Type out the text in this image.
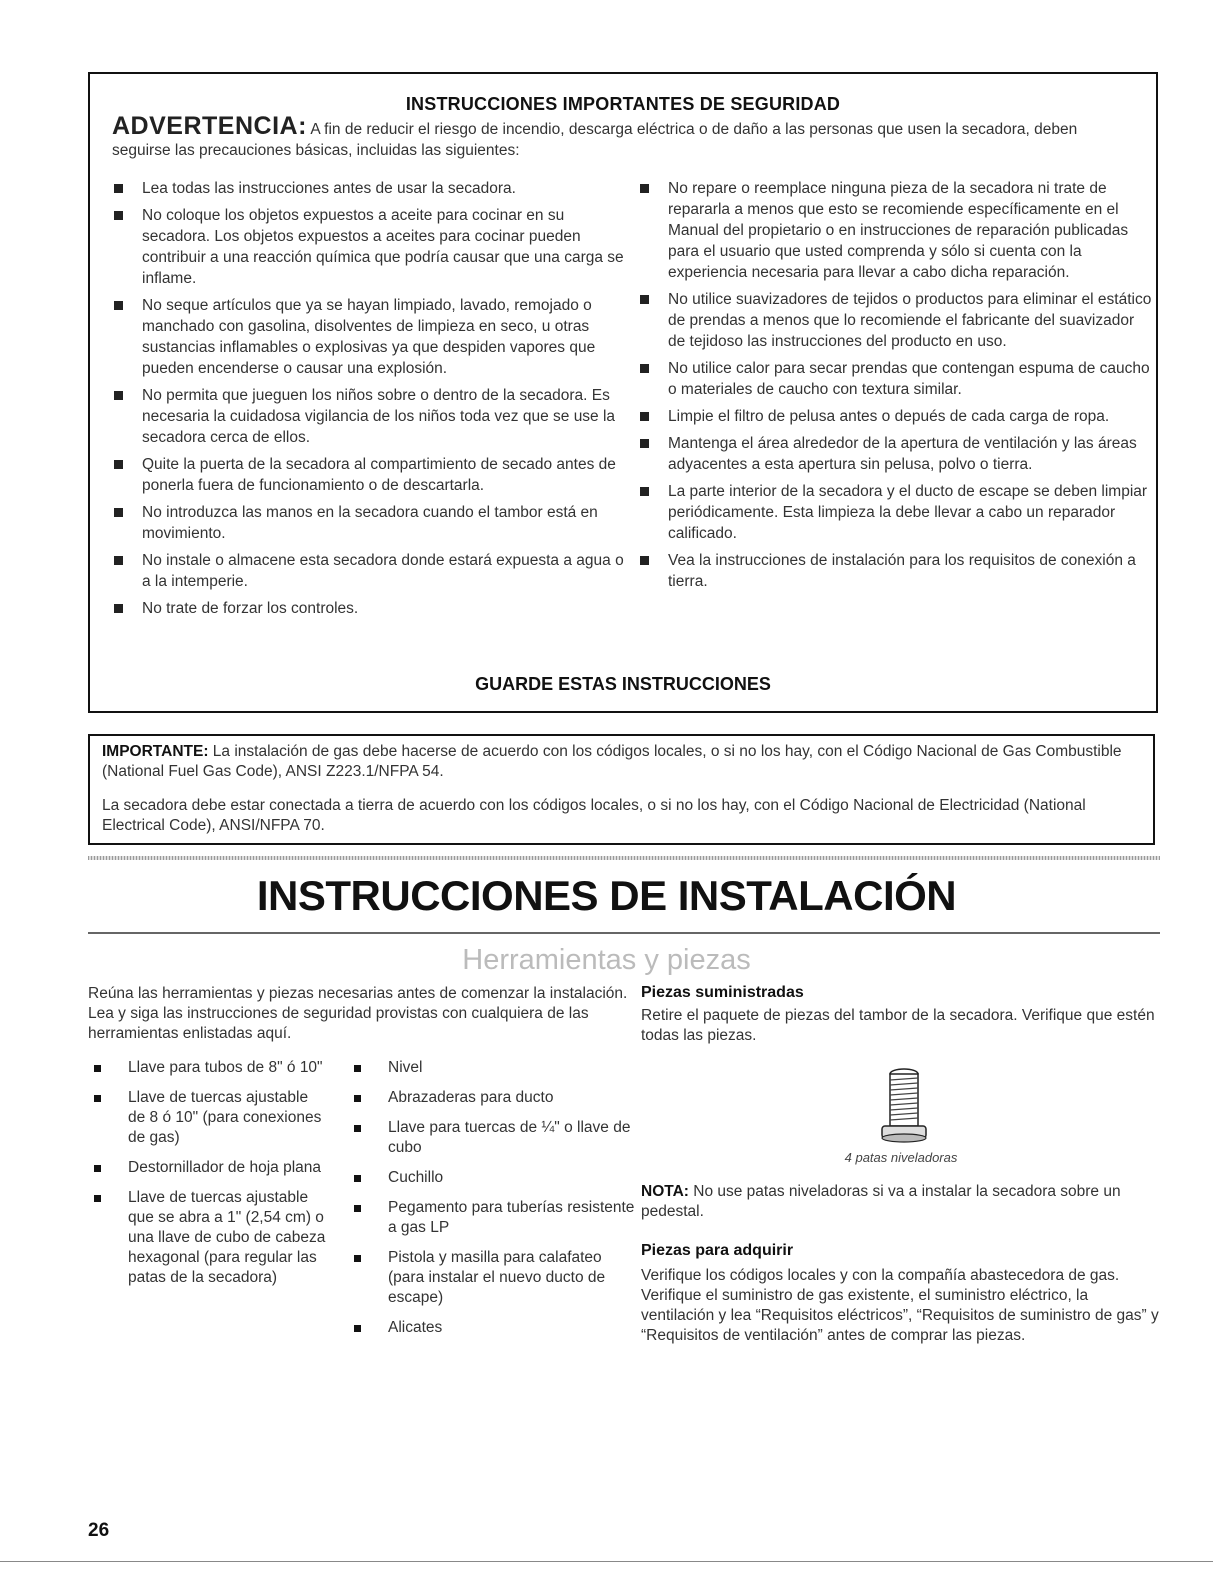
INSTRUCCIONES IMPORTANTES DE SEGURIDAD
ADVERTENCIA: A fin de reducir el riesgo de incendio, descarga eléctrica o de daño a las personas que usen la secadora, deben seguirse las precauciones básicas, incluidas las siguientes:
Lea todas las instrucciones antes de usar la secadora.
No coloque los objetos expuestos a aceite para cocinar en su secadora. Los objetos expuestos a aceites para cocinar pueden contribuir a una reacción química que podría causar que una carga se inflame.
No seque artículos que ya se hayan limpiado, lavado, remojado o manchado con gasolina, disolventes de limpieza en seco, u otras sustancias inflamables o explosivas ya que despiden vapores que pueden encenderse o causar una explosión.
No permita que jueguen los niños sobre o dentro de la secadora. Es necesaria la cuidadosa vigilancia de los niños toda vez que se use la secadora cerca de ellos.
Quite la puerta de la secadora al compartimiento de secado antes de ponerla fuera de funcionamiento o de descartarla.
No introduzca las manos en la secadora cuando el tambor está en movimiento.
No instale o almacene esta secadora donde estará expuesta a agua o a la intemperie.
No trate de forzar los controles.
No repare o reemplace ninguna pieza de la secadora ni trate de repararla a menos que esto se recomiende específicamente en el Manual del propietario o en instrucciones de reparación publicadas para el usuario que usted comprenda y sólo si cuenta con la experiencia necesaria para llevar a cabo dicha reparación.
No utilice suavizadores de tejidos o productos para eliminar el estático de prendas a menos que lo recomiende el fabricante del suavizador de tejidoso las instrucciones del producto en uso.
No utilice calor para secar prendas que contengan espuma de caucho o materiales de caucho con textura similar.
Limpie el filtro de pelusa antes o depués de cada carga de ropa.
Mantenga el área alrededor de la apertura de ventilación y las áreas adyacentes a esta apertura sin pelusa, polvo o tierra.
La parte interior de la secadora y el ducto de escape se deben limpiar periódicamente. Esta limpieza la debe llevar a cabo un reparador calificado.
Vea la instrucciones de instalación para los requisitos de conexión a tierra.
GUARDE ESTAS INSTRUCCIONES
IMPORTANTE: La instalación de gas debe hacerse de acuerdo con los códigos locales, o si no los hay, con el Código Nacional de Gas Combustible (National Fuel Gas Code), ANSI Z223.1/NFPA 54.
La secadora debe estar conectada a tierra de acuerdo con los códigos locales, o si no los hay, con el Código Nacional de Electricidad (National Electrical Code), ANSI/NFPA 70.
INSTRUCCIONES DE INSTALACIÓN
Herramientas y piezas
Reúna las herramientas y piezas necesarias antes de comenzar la instalación. Lea y siga las instrucciones de seguridad provistas con cualquiera de las herramientas enlistadas aquí.
Llave para tubos de 8" ó 10"
Llave de tuercas ajustable de 8 ó 10" (para conexiones de gas)
Destornillador de hoja plana
Llave de tuercas ajustable que se abra a 1" (2,54 cm) o una llave de cubo de cabeza hexagonal (para regular las patas de la secadora)
Nivel
Abrazaderas para ducto
Llave para tuercas de ¼" o llave de cubo
Cuchillo
Pegamento para tuberías resistente a gas LP
Pistola y masilla para calafateo (para instalar el nuevo ducto de escape)
Alicates
Piezas suministradas
Retire el paquete de piezas del tambor de la secadora. Verifique que estén todas las piezas.
4 patas niveladoras
NOTA: No use patas niveladoras si va a instalar la secadora sobre un pedestal.
Piezas para adquirir
Verifique los códigos locales y con la compañía abastecedora de gas. Verifique el suministro de gas existente, el suministro eléctrico, la ventilación y lea “Requisitos eléctricos”, “Requisitos de suministro de gas” y “Requisitos de ventilación” antes de comprar las piezas.
26
